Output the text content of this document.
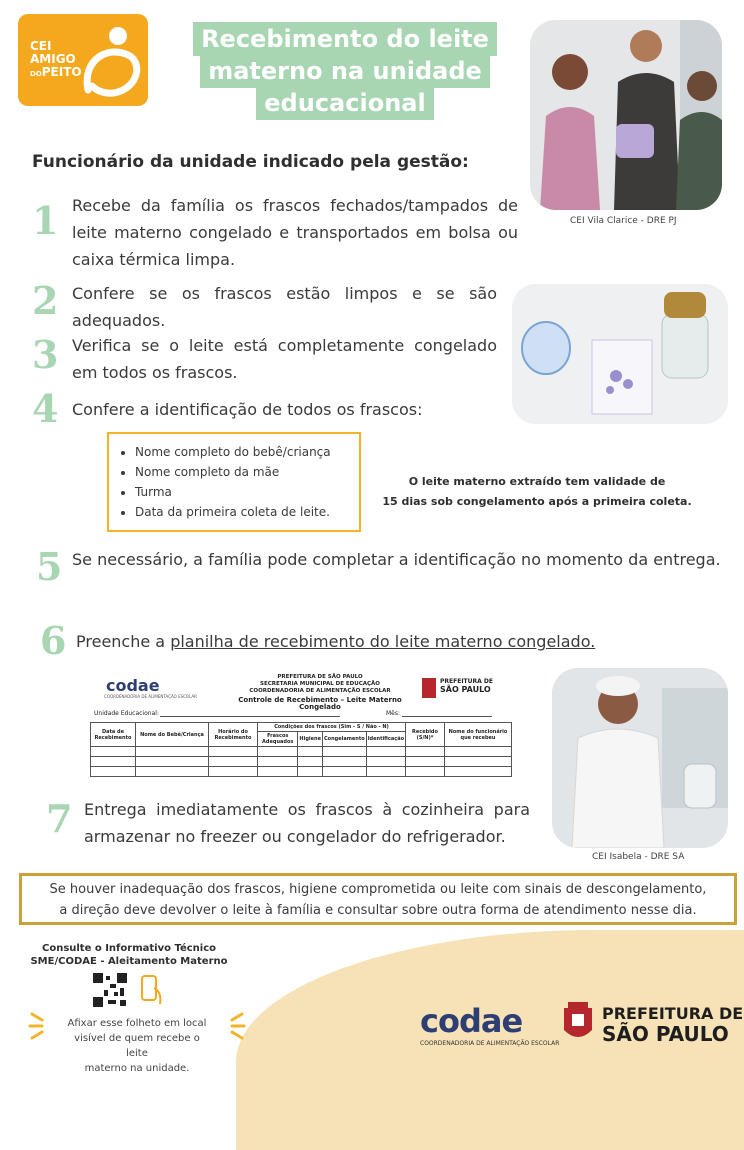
CEI
AMIGO
DOPEITO
Recebimento do leite
materno na unidade
educacional
CEI Vila Clarice - DRE PJ
Funcionário da unidade indicado pela gestão:
1 Recebe da família os frascos fechados/tampados de leite materno congelado e transportados em bolsa ou caixa térmica limpa.
2 Confere se os frascos estão limpos e se são adequados.
3 Verifica se o leite está completamente congelado em todos os frascos.
4 Confere a identificação de todos os frascos:
• Nome completo do bebê/criança
• Nome completo da mãe
• Turma
• Data da primeira coleta de leite.
O leite materno extraído tem validade de
15 dias sob congelamento após a primeira coleta.
5 Se necessário, a família pode completar a identificação no momento da entrega.
6 Preenche a planilha de recebimento do leite materno congelado.
codae
COORDENADORIA DE ALIMENTAÇÃO ESCOLAR
PREFEITURA DE SÃO PAULO
SECRETARIA MUNICIPAL DE EDUCAÇÃO
COORDENADORIA DE ALIMENTAÇÃO ESCOLAR
Controle de Recebimento – Leite Materno Congelado
PREFEITURA DE
SÃO PAULO
Unidade Educacional:	Mês:
Data de Recebimento	Nome do Bebê/Criança	Horário do Recebimento	Condições dos frascos (Sim - S / Não - N)				Recebido (S/N)*	Nome do funcionário que recebeu
			Frascos Adequados	Higiene	Congelamento	Identificação		

CEI Isabela - DRE SA
7 Entrega imediatamente os frascos à cozinheira para armazenar no freezer ou congelador do refrigerador.
Se houver inadequação dos frascos, higiene comprometida ou leite com sinais de descongelamento,
a direção deve devolver o leite à família e consultar sobre outra forma de atendimento nesse dia.
Consulte o Informativo Técnico
SME/CODAE - Aleitamento Materno
Afixar esse folheto em local
visível de quem recebe o leite
materno na unidade.
codae
COORDENADORIA DE ALIMENTAÇÃO ESCOLAR
PREFEITURA DE
SÃO PAULO
